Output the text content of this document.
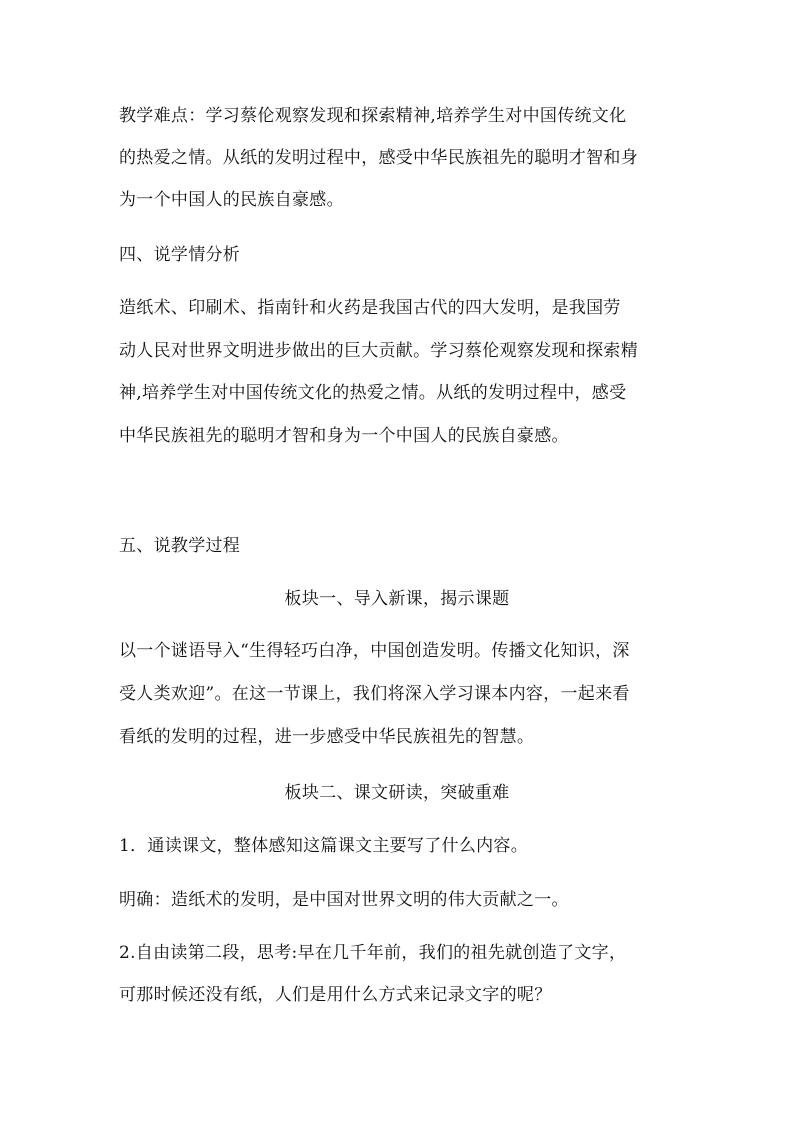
教学难点：学习蔡伦观察发现和探索精神,培养学生对中国传统文化
的热爱之情。从纸的发明过程中，感受中华民族祖先的聪明才智和身
为一个中国人的民族自豪感。
四、说学情分析
造纸术、印刷术、指南针和火药是我国古代的四大发明，是我国劳
动人民对世界文明进步做出的巨大贡献。学习蔡伦观察发现和探索精
神,培养学生对中国传统文化的热爱之情。从纸的发明过程中，感受
中华民族祖先的聪明才智和身为一个中国人的民族自豪感。
五、说教学过程
板块一、导入新课，揭示课题
以一个谜语导入“生得轻巧白净，中国创造发明。传播文化知识，深
受人类欢迎”。在这一节课上，我们将深入学习课本内容，一起来看
看纸的发明的过程，进一步感受中华民族祖先的智慧。
板块二、课文研读，突破重难
1．通读课文，整体感知这篇课文主要写了什么内容。
明确：造纸术的发明，是中国对世界文明的伟大贡献之一。
2.自由读第二段，思考:早在几千年前，我们的祖先就创造了文字，
可那时候还没有纸，人们是用什么方式来记录文字的呢？
